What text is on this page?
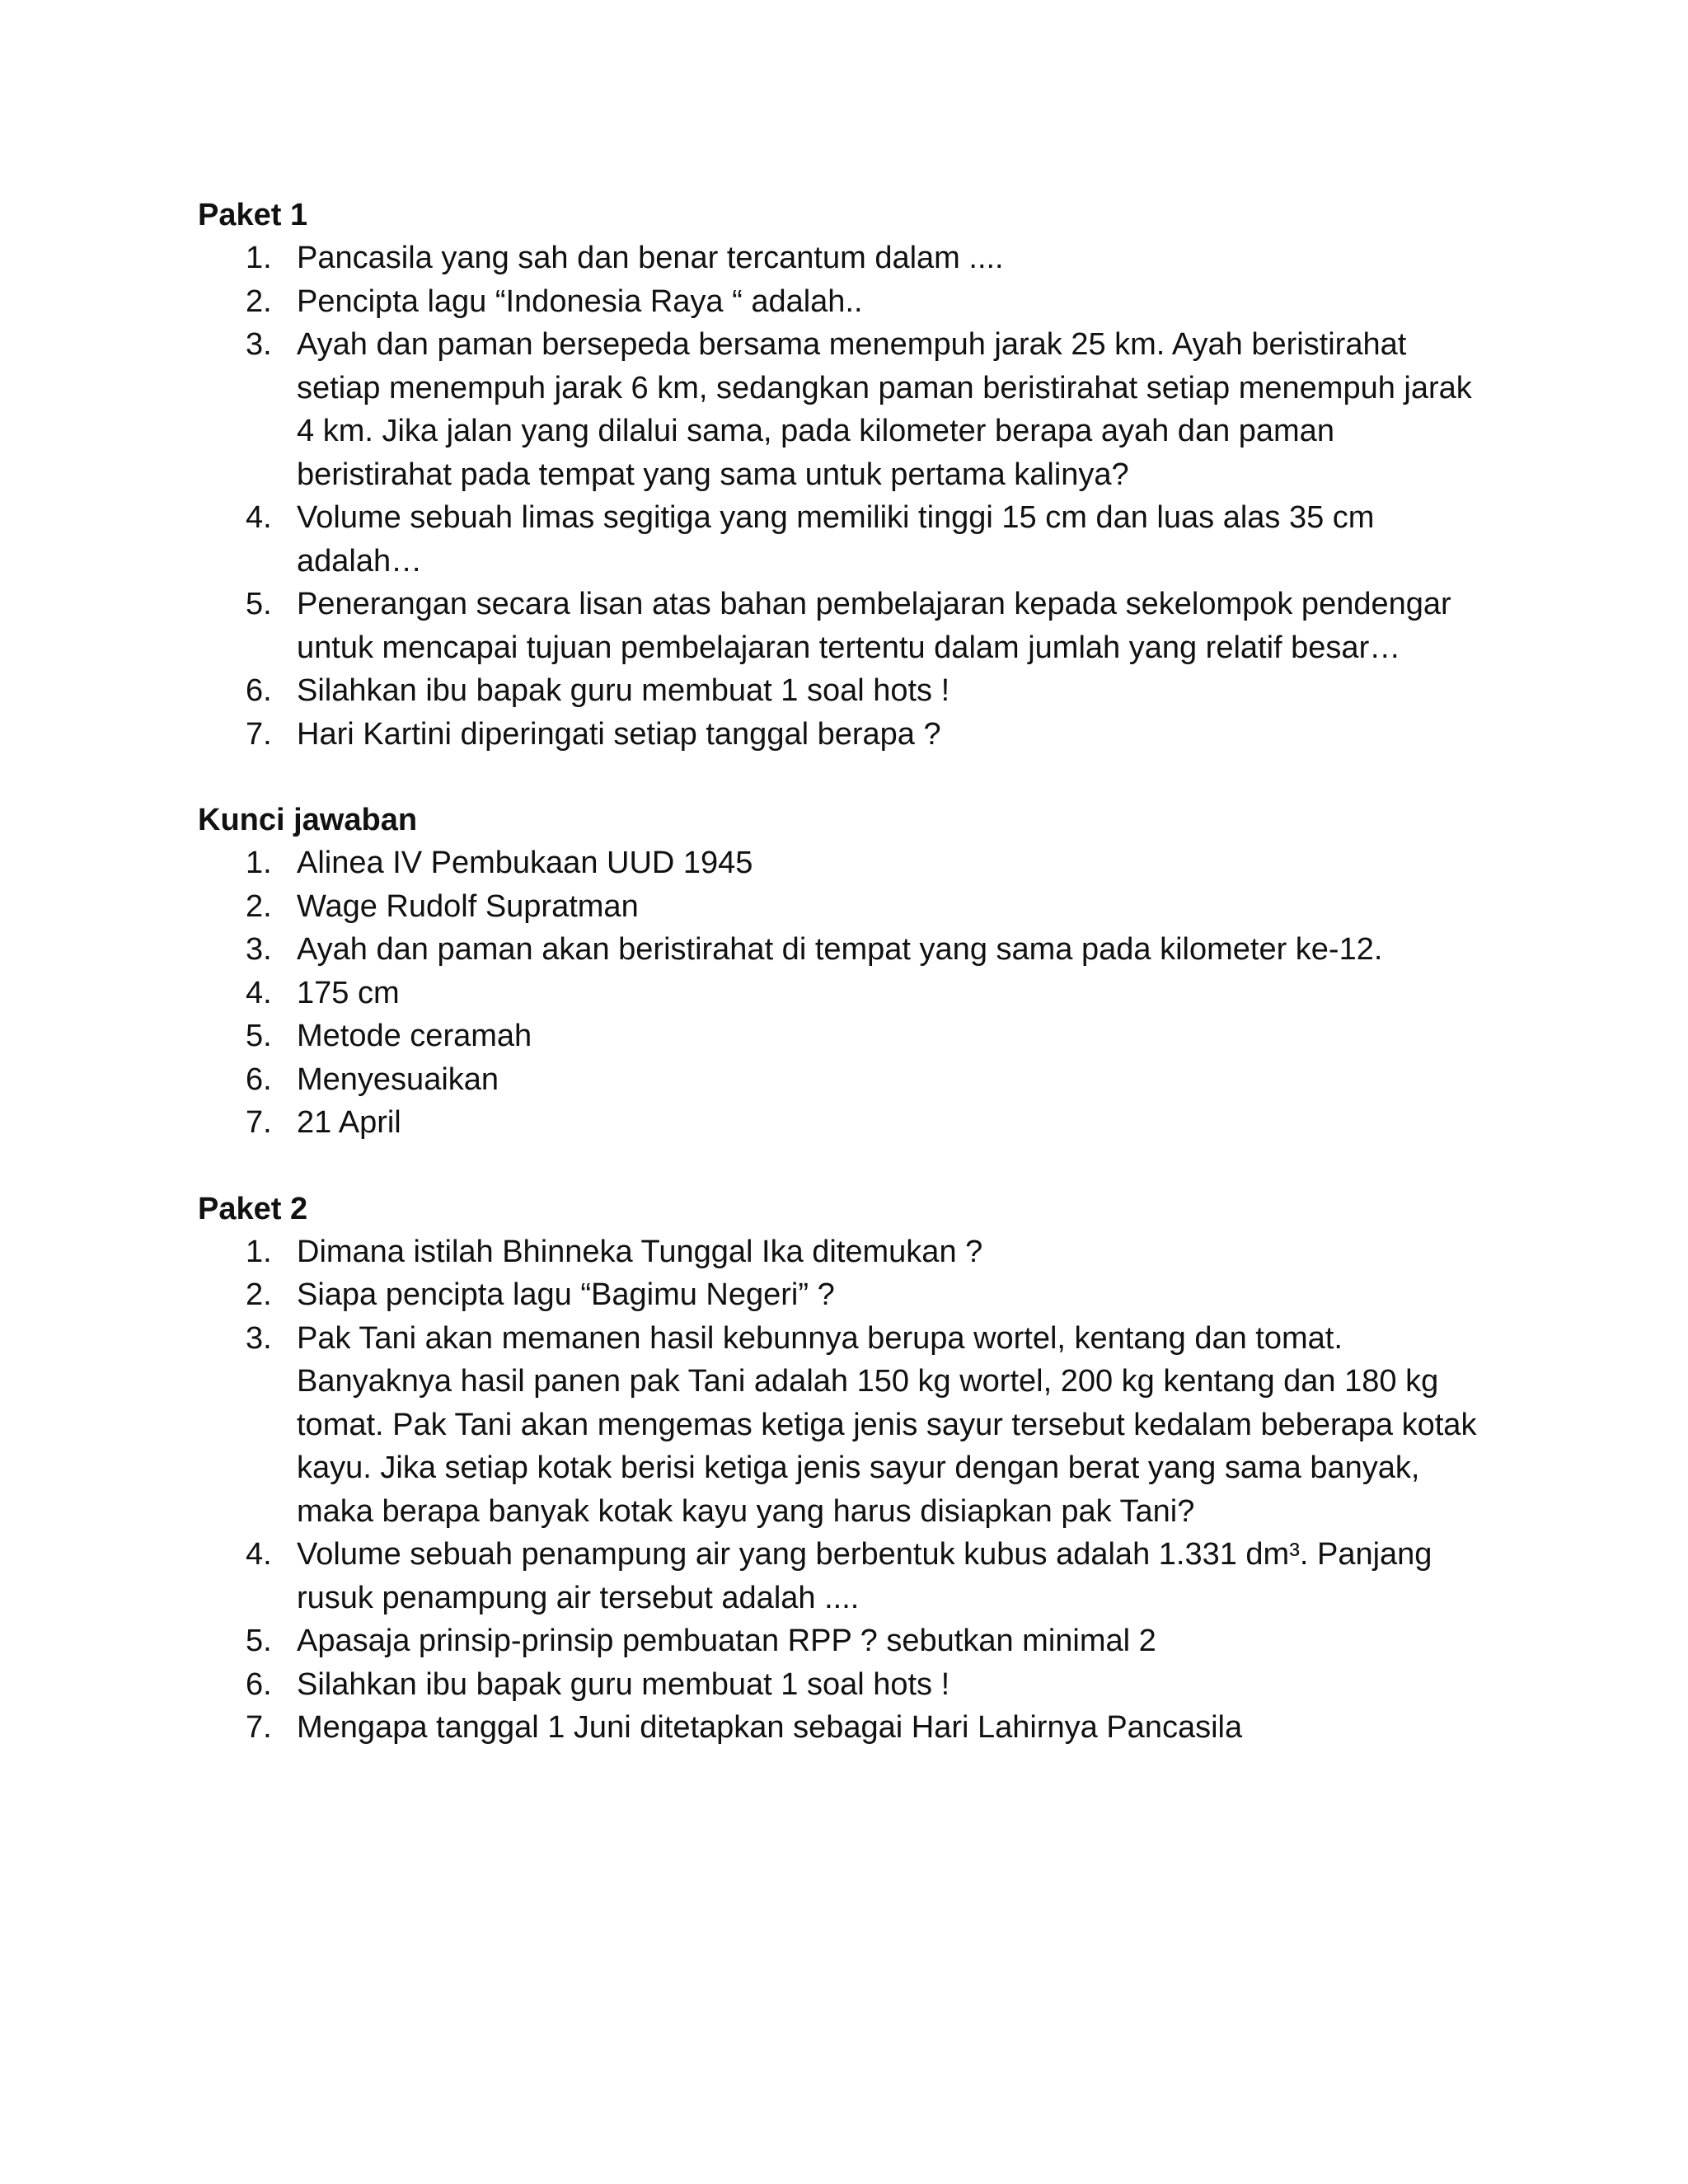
Paket 1
1. Pancasila yang sah dan benar tercantum dalam ....
2. Pencipta lagu “Indonesia Raya “ adalah..
3. Ayah dan paman bersepeda bersama menempuh jarak 25 km. Ayah beristirahat setiap menempuh jarak 6 km, sedangkan paman beristirahat setiap menempuh jarak 4 km. Jika jalan yang dilalui sama, pada kilometer berapa ayah dan paman beristirahat pada tempat yang sama untuk pertama kalinya?
4. Volume sebuah limas segitiga yang memiliki tinggi 15 cm dan luas alas 35 cm adalah…
5. Penerangan secara lisan atas bahan pembelajaran kepada sekelompok pendengar untuk mencapai tujuan pembelajaran tertentu dalam jumlah yang relatif besar…
6. Silahkan ibu bapak guru membuat 1 soal hots !
7. Hari Kartini diperingati setiap tanggal berapa ?
Kunci jawaban
1. Alinea IV Pembukaan UUD 1945
2. Wage Rudolf Supratman
3. Ayah dan paman akan beristirahat di tempat yang sama pada kilometer ke-12.
4. 175 cm
5. Metode ceramah
6. Menyesuaikan
7. 21 April
Paket 2
1. Dimana istilah Bhinneka Tunggal Ika ditemukan ?
2. Siapa pencipta lagu “Bagimu Negeri” ?
3. Pak Tani akan memanen hasil kebunnya berupa wortel, kentang dan tomat. Banyaknya hasil panen pak Tani adalah 150 kg wortel, 200 kg kentang dan 180 kg tomat. Pak Tani akan mengemas ketiga jenis sayur tersebut kedalam beberapa kotak kayu. Jika setiap kotak berisi ketiga jenis sayur dengan berat yang sama banyak, maka berapa banyak kotak kayu yang harus disiapkan pak Tani?
4. Volume sebuah penampung air yang berbentuk kubus adalah 1.331 dm³. Panjang rusuk penampung air tersebut adalah ....
5. Apasaja prinsip-prinsip pembuatan RPP ? sebutkan minimal 2
6. Silahkan ibu bapak guru membuat 1 soal hots !
7. Mengapa tanggal 1 Juni ditetapkan sebagai Hari Lahirnya Pancasila
